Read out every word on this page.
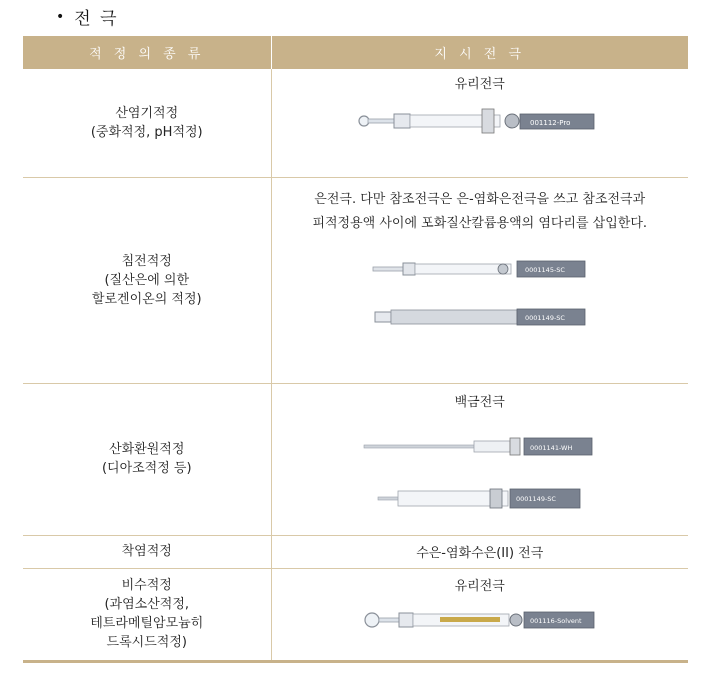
• 전 극
적 정 의 종 류	지 시 전 극

산염기적정
(중화적정, pH적정)	유리전극
001112-Pro

침전적정
(질산은에 의한
할로겐이온의 적정)	은전극. 다만 참조전극은 은-염화은전극을 쓰고 참조전극과
피적정용액 사이에 포화질산칼륨용액의 염다리를 삽입한다.
0001145-SC
0001149-SC

산화환원적정
(디아조적정 등)	백금전극
0001141-WH
0001149-SC

착염적정	수은-염화수은(II) 전극

비수적정
(과염소산적정,
테트라메틸암모늄히
드록시드적정)	유리전극
001116-Solvent
